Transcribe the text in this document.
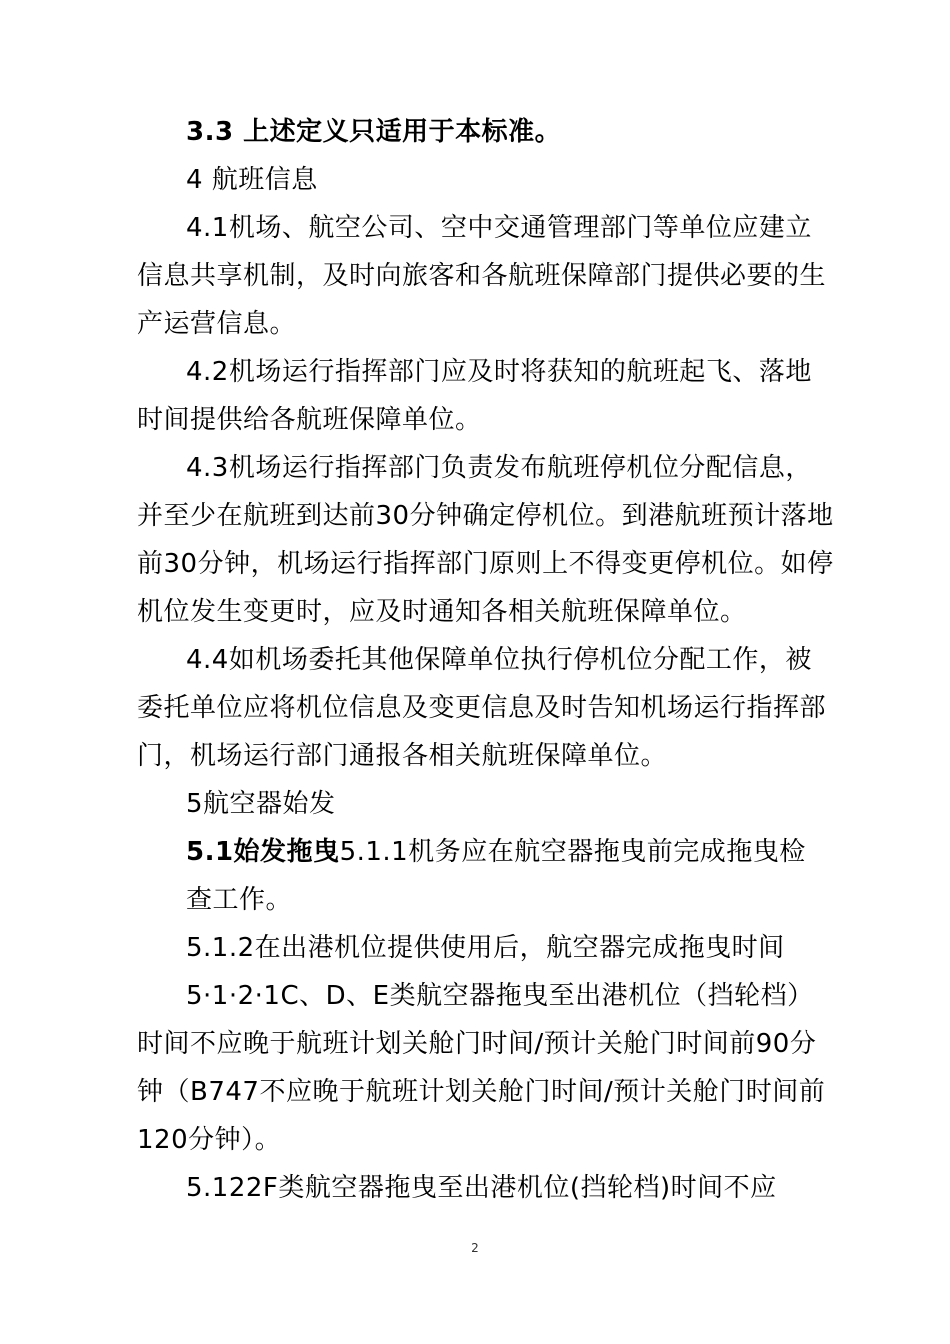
3.3 上述定义只适用于本标准。
4 航班信息
4.1机场、航空公司、空中交通管理部门等单位应建立
信息共享机制，及时向旅客和各航班保障部门提供必要的生
产运营信息。
4.2机场运行指挥部门应及时将获知的航班起飞、落地
时间提供给各航班保障单位。
4.3机场运行指挥部门负责发布航班停机位分配信息，
并至少在航班到达前30分钟确定停机位。到港航班预计落地
前30分钟，机场运行指挥部门原则上不得变更停机位。如停
机位发生变更时，应及时通知各相关航班保障单位。
4.4如机场委托其他保障单位执行停机位分配工作，被
委托单位应将机位信息及变更信息及时告知机场运行指挥部
门，机场运行部门通报各相关航班保障单位。
5航空器始发
5.1始发拖曳5.1.1机务应在航空器拖曳前完成拖曳检
查工作。
5.1.2在出港机位提供使用后，航空器完成拖曳时间
5·1·2·1C、D、E类航空器拖曳至出港机位（挡轮档）
时间不应晚于航班计划关舱门时间/预计关舱门时间前90分
钟（B747不应晚于航班计划关舱门时间/预计关舱门时间前
120分钟）。
5.122F类航空器拖曳至出港机位(挡轮档)时间不应
2
